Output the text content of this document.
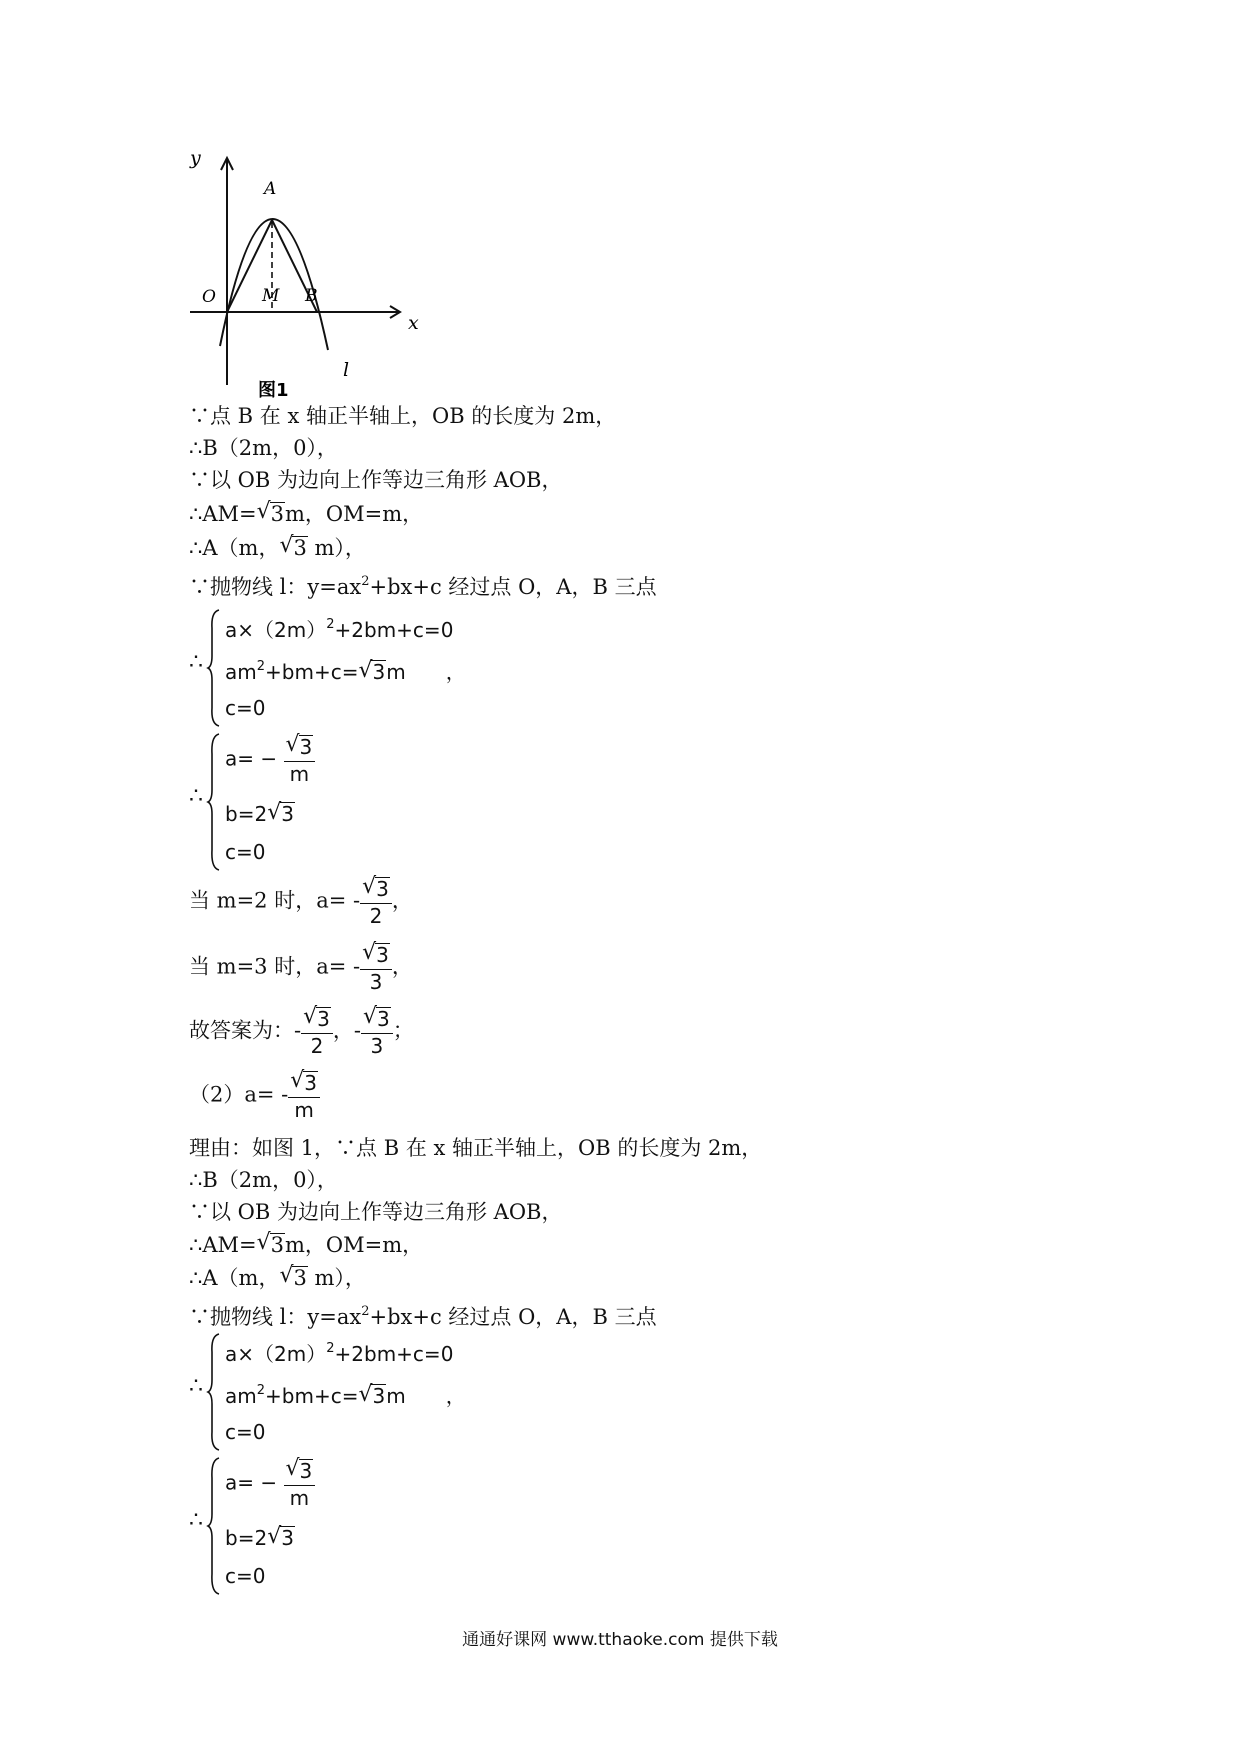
y
A
O	M B
x
l
图1
∵点 B 在 x 轴正半轴上，OB 的长度为 2m，
∴B（2m，0），
∵以 OB 为边向上作等边三角形 AOB，
∴AM= √ 3m，OM=m，
∴A（m， √ 3 m），
∵抛物线 l：$y=ax^2+bx+c$ 经过点 O，A，B 三点
∴
$a\times(2m)^2+2bm+c=0$
$am^2+bm+c=$ √ 3m ，
c=0
∴
$a= - \frac{√ 3}{m}$
b=2 √ 3
c=0
当 m=2 时，$a= - \frac{√ 3}{2}$ ，
当 m=3 时，$a= - \frac{√ 3}{3}$ ，
故答案为：- $\frac{√ 3}{2}$ ，- $\frac{√ 3}{3}$ ；
$(2)a= - \frac{√ 3}{m}$
理由：如图 1，∵点 B 在 x 轴正半轴上，OB 的长度为 2m，
∴B（2m，0），
∵以 OB 为边向上作等边三角形 AOB，
∴AM= √ 3m，OM=m，
∴A（m， √ 3 m），
∵抛物线 l：$y=ax^2+bx+c$ 经过点 O，A，B 三点
∴
$a\times(2m)^2+2bm+c=0$
$am^2+bm+c=$ √ 3m ，
c=0
∴
$a= - \frac{√ 3}{m}$
b=2 √ 3
c=0
通通好课网 www.tthaoke.com 提供下载
